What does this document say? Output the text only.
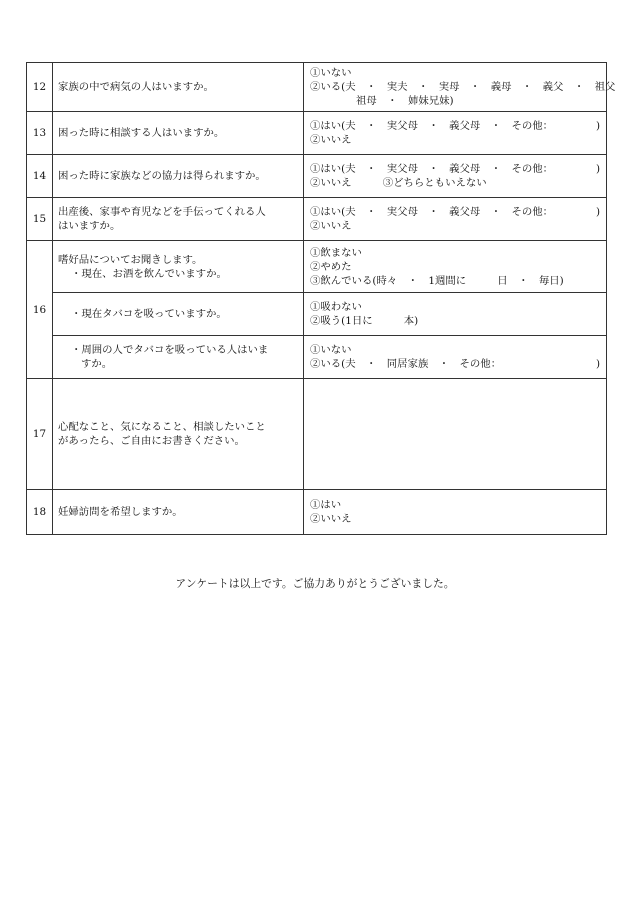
12	家族の中で病気の人はいますか。	①いない
②いる(夫　・　実夫　・　実母　・　義母　・　義父　・　祖父
祖母　・　姉妹兄妹)

13	困った時に相談する人はいますか。	①はい(夫　・　実父母　・　義父母　・　その他： )
②いいえ

14	困った時に家族などの協力は得られますか。	①はい(夫　・　実父母　・　義父母　・　その他： )
②いいえ　　　③どちらともいえない

15	出産後、家事や育児などを手伝ってくれる人
はいますか。	①はい(夫　・　実父母　・　義父母　・　その他： )
②いいえ

16	嗜好品についてお聞きします。
・現在、お酒を飲んでいますか。	①飲まない
②やめた
③飲んでいる(時々　・　1週間に　　　日　・　毎日)

	・現在タバコを吸っていますか。	①吸わない
②吸う(1日に　　　本)

	・周囲の人でタバコを吸っている人はいま
すか。	①いない
②いる(夫　・　同居家族　・　その他： )

17	心配なこと、気になること、相談したいこと
があったら、ご自由にお書きください。	

18	妊婦訪問を希望しますか。	①はい
②いいえ
アンケートは以上です。ご協力ありがとうございました。
